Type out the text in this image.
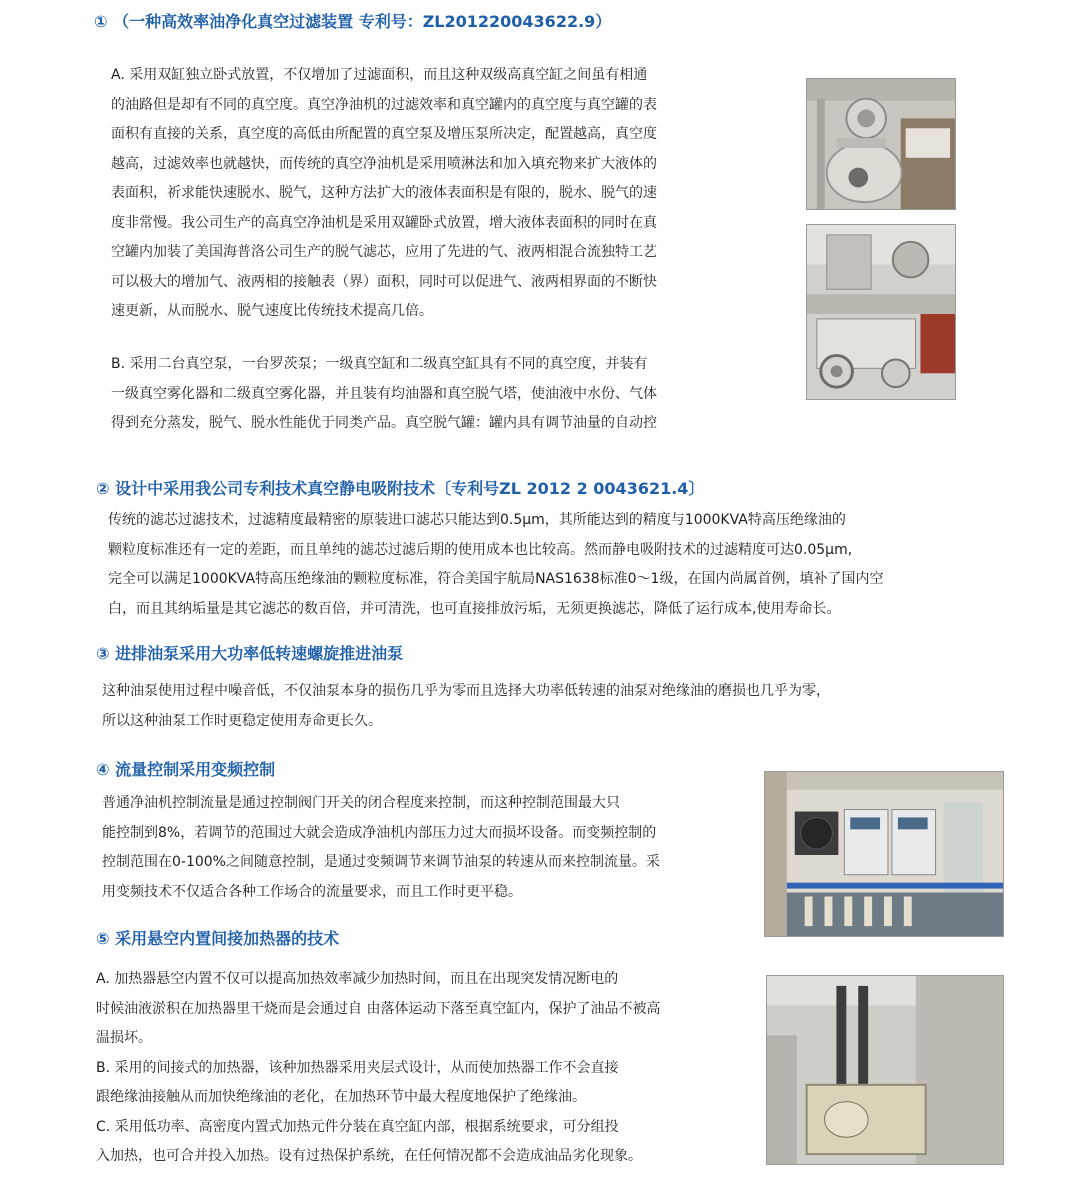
① （一种高效率油净化真空过滤装置 专利号：ZL201220043622.9）
A. 采用双缸独立卧式放置，不仅增加了过滤面积，而且这种双级高真空缸之间虽有相通
的油路但是却有不同的真空度。真空净油机的过滤效率和真空罐内的真空度与真空罐的表
面积有直接的关系，真空度的高低由所配置的真空泵及增压泵所决定，配置越高，真空度
越高，过滤效率也就越快，而传统的真空净油机是采用喷淋法和加入填充物来扩大液体的
表面积，祈求能快速脱水、脱气，这种方法扩大的液体表面积是有限的，脱水、脱气的速
度非常慢。我公司生产的高真空净油机是采用双罐卧式放置，增大液体表面积的同时在真
空罐内加装了美国海普洛公司生产的脱气滤芯，应用了先进的气、液两相混合流独特工艺
可以极大的增加气、液两相的接触表（界）面积，同时可以促进气、液两相界面的不断快
速更新，从而脱水、脱气速度比传统技术提高几倍。
B. 采用二台真空泵，一台罗茨泵；一级真空缸和二级真空缸具有不同的真空度，并装有
一级真空雾化器和二级真空雾化器，并且装有均油器和真空脱气塔，使油液中水份、气体
得到充分蒸发，脱气、脱水性能优于同类产品。真空脱气罐：罐内具有调节油量的自动控
② 设计中采用我公司专利技术真空静电吸附技术〔专利号ZL 2012 2 0043621.4〕
传统的滤芯过滤技术，过滤精度最精密的原装进口滤芯只能达到0.5μm，其所能达到的精度与1000KVA特高压绝缘油的
颗粒度标准还有一定的差距，而且单纯的滤芯过滤后期的使用成本也比较高。然而静电吸附技术的过滤精度可达0.05μm,
完全可以满足1000KVA特高压绝缘油的颗粒度标准，符合美国宇航局NAS1638标准0～1级，在国内尚属首例，填补了国内空
白，而且其纳垢量是其它滤芯的数百倍，并可清洗，也可直接排放污垢，无须更换滤芯，降低了运行成本,使用寿命长。
③ 进排油泵采用大功率低转速螺旋推进油泵
这种油泵使用过程中噪音低，不仅油泵本身的损伤几乎为零而且选择大功率低转速的油泵对绝缘油的磨损也几乎为零，
所以这种油泵工作时更稳定使用寿命更长久。
④ 流量控制采用变频控制
普通净油机控制流量是通过控制阀门开关的闭合程度来控制，而这种控制范围最大只
能控制到8%，若调节的范围过大就会造成净油机内部压力过大而损坏设备。而变频控制的
控制范围在0-100%之间随意控制，是通过变频调节来调节油泵的转速从而来控制流量。采
用变频技术不仅适合各种工作场合的流量要求，而且工作时更平稳。
⑤ 采用悬空内置间接加热器的技术
A. 加热器悬空内置不仅可以提高加热效率减少加热时间，而且在出现突发情况断电的
时候油液淤积在加热器里干烧而是会通过自 由落体运动下落至真空缸内，保护了油品不被高
温损坏。
B. 采用的间接式的加热器，该种加热器采用夹层式设计，从而使加热器工作不会直接
跟绝缘油接触从而加快绝缘油的老化，在加热环节中最大程度地保护了绝缘油。
C. 采用低功率、高密度内置式加热元件分装在真空缸内部，根据系统要求，可分组投
入加热，也可合并投入加热。设有过热保护系统，在任何情况都不会造成油品劣化现象。
